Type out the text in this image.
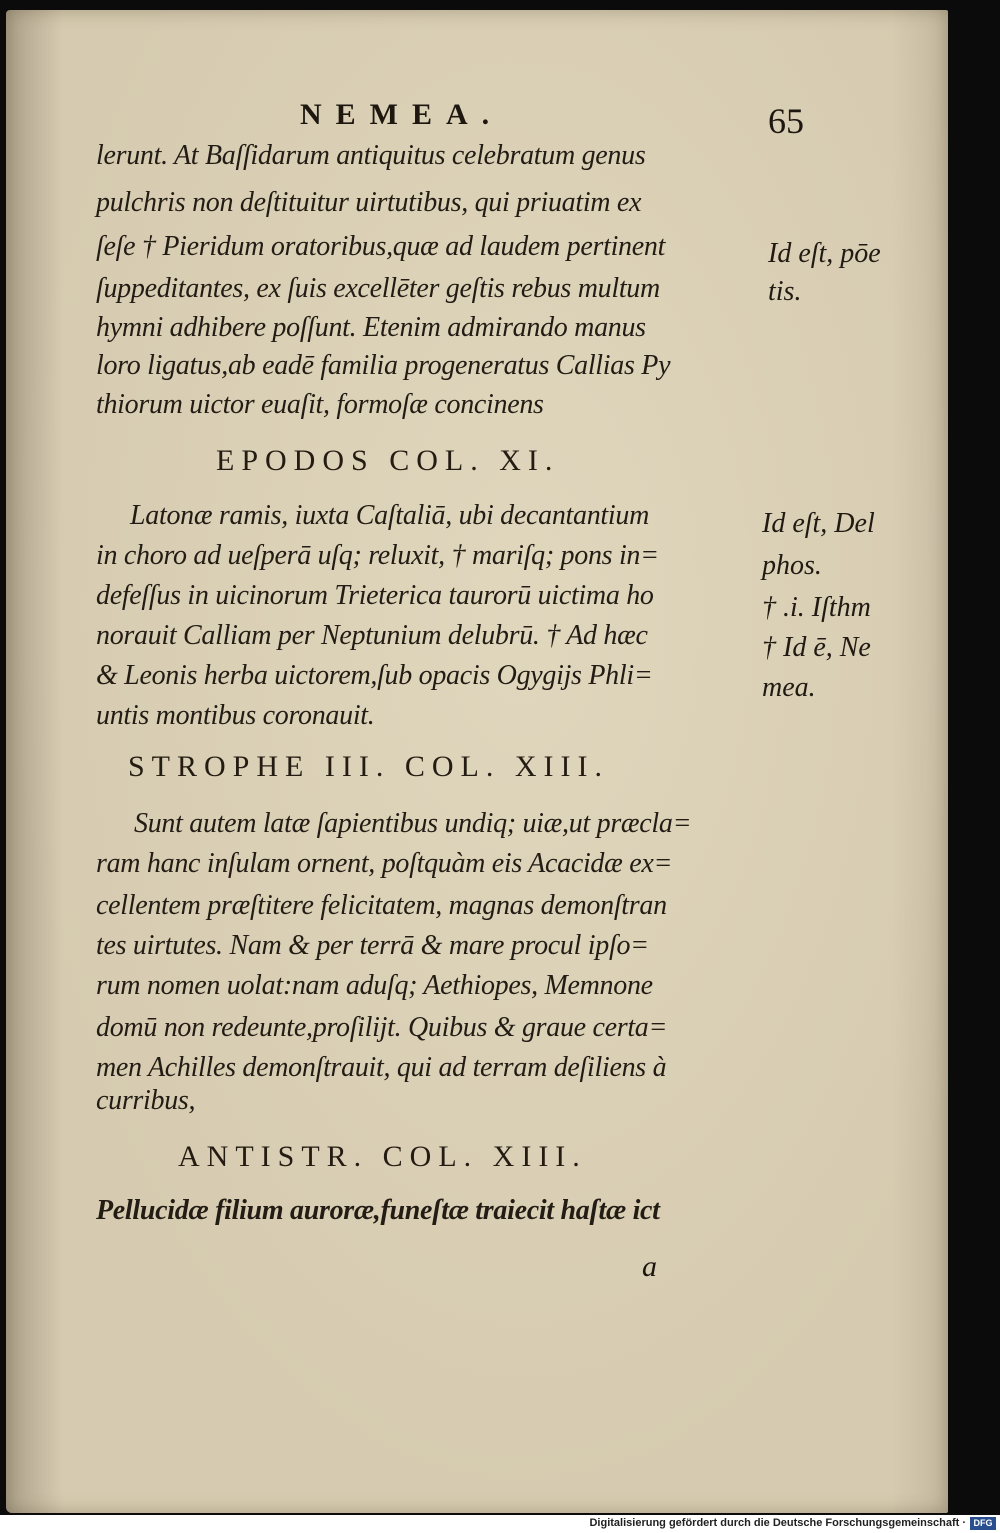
NEMEA.	65
lerunt. At Baſſidarum antiquitus celebratum genus
pulchris non deſtituitur uirtutibus, qui priuatim ex
ſeſe † Pieridum oratoribus,quæ ad laudem pertinent
ſuppeditantes, ex ſuis excellēter geſtis rebus multum
hymni adhibere poſſunt. Etenim admirando manus
loro ligatus,ab eadē familia progeneratus Callias Py
thiorum uictor euaſit, formoſæ concinens
EPODOS COL. XI.
Latonæ ramis, iuxta Caſtaliā, ubi decantantium
in choro ad ueſperā uſq; reluxit, † mariſq; pons in=
defeſſus in uicinorum Trieterica taurorū uictima ho
norauit Calliam per Neptunium delubrū. † Ad hæc
& Leonis herba uictorem,ſub opacis Ogygijs Phli=
untis montibus coronauit.
STROPHE III. COL. XIII.
Sunt autem latæ ſapientibus undiq; uiæ,ut præcla=
ram hanc inſulam ornent, poſtquàm eis Acacidæ ex=
cellentem præſtitere felicitatem, magnas demonſtran
tes uirtutes. Nam & per terrā & mare procul ipſo=
rum nomen uolat:nam aduſq; Aethiopes, Memnone
domū non redeunte,proſilijt. Quibus & graue certa=
men Achilles demonſtrauit, qui ad terram deſiliens à
curribus,
ANTISTR. COL. XIII.
Pellucidæ filium auroræ,funeſtæ traiecit haſtæ ict
a
Id eſt, pōe
tis.
Id eſt, Del
phos.
† .i. Iſthm
† Id ē, Ne
mea.
Digitalisierung gefördert durch die Deutsche Forschungsgemeinschaft · DFG
